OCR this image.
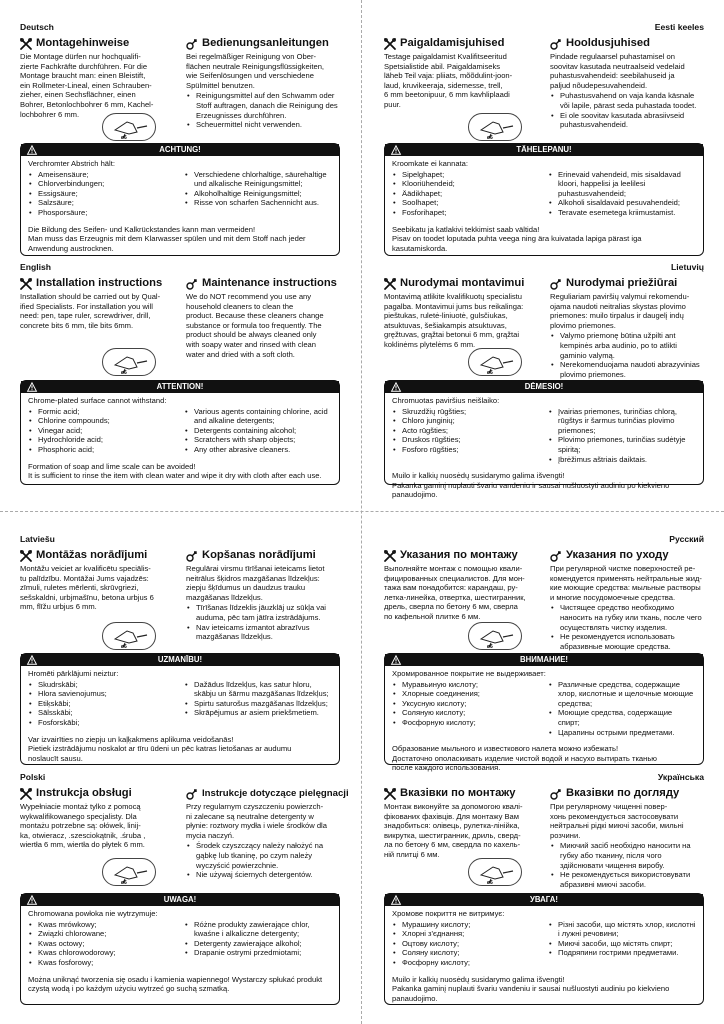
Deutsch
Montagehinweise
Die Montage dürfen nur hochqualifi-
zierte Fachkräfte durchführen. Für die
Montage braucht man: einen Bleistift,
ein Rollmeter-Lineal, einen Schrauben-
zieher, einen Sechsflächner, einen
Bohrer, Betonlochbohrer 6 mm, Kachel-
lochbohrer 6 mm.
ø6
Bedienungsanleitungen
Bei regelmäßiger Reinigung von Ober-
flächen neutrale Reinigungsflüssigkeiten,
wie Seifenlösungen und verschiedene
Spülmittel benutzen.
• Reinigungsmittel auf den Schwamm oder Stoff auftragen, danach die Reinigung des Erzeugnisses durchführen.
• Scheuermittel nicht verwenden.
ACHTUNG!
Verchromter Abstrich hält:
• Ameisensäure;
• Chlorverbindungen;
• Essigsäure;
• Salzsäure;
• Phosporsäure;
• Verschiedene chlorhaltige, säurehaltige und alkalische Reinigungsmittel;
• Alkoholhaltige Reinigungsmittel;
• Risse von scharfen Sachennicht aus.
Die Bildung des Seifen- und Kalkrückstandes kann man vermeiden!
Man muss das Erzeugnis mit dem Klarwasser spülen und mit dem Stoff nach jeder
Anwendung austrocknen.
Eesti keeles
Paigaldamisjuhised
Testage paigaldamist Kvalifitseeritud
Spetsialistide abil. Paigaldamiseks
läheb Teil vaja: pliiats, mõõdulint-joon-
laud, kruvikeeraja, sidemesse, trell,
6 mm beetonipuur, 6 mm kavhliplaadi
puur.
ø6
Hooldusjuhised
Pindade regulaarsel puhastamisel on
soovitav kasutada neutraalseid vedelaid
puhastusvahendeid: seebilahuseid ja
paljud nõudepesuvahendeid.
• Puhastusvahend on vaja kanda käsnale või lapile, pärast seda puhastada toodet.
• Ei ole soovitav kasutada abrasiivseid puhastusvahendeid.
TÄHELEPANU!
Kroomkate ei kannata:
• Sipelghapet;
• Klooriühendeid;
• Äädikhapet;
• Soolhapet;
• Fosforihapet;
• Erinevaid vahendeid, mis sisaldavad kloori, happelisi ja leelilesi puhastusvahendeid;
• Alkoholi sisaldavaid pesuvahendeid;
• Teravate esemetega kriimustamist.
Seebikatu ja katlakivi tekkimist saab vältida!
Pisav on toodet loputada puhta veega ning ära kuivatada lapiga pärast iga
kasutamiskorda.
English
Installation instructions
Installation should be carried out by Qual-
ified Specialists. For installation you will
need: pen, tape ruler, screwdriver, drill,
concrete bits 6 mm, tile bits 6mm.
ø6
Maintenance instructions
We do NOT recommend you use any
household cleaners to clean the
product. Because these cleaners change
substance or formula too frequently. The
product should be always cleaned only
with soapy water and rinsed with clean
water and dried with a soft cloth.
ATTENTION!
Chrome-plated surface cannot withstand:
• Formic acid;
• Chlorine compounds;
• Vinegar acid;
• Hydrochloride acid;
• Phosphoric acid;
• Various agents containing chlorine, acid and alkaline detergents;
• Detergents containing alcohol;
• Scratchers with sharp objects;
• Any other abrasive cleaners.
Formation of soap and lime scale can be avoided!
It is sufficient to rinse the item with clean water and wipe it dry with cloth after each use.
Lietuvių
Nurodymai montavimui
Montavimą atlikite kvalifikuotų specialistu
pagalba. Montavimui jums bus reikalinga:
pieštukas, ruletė-liniuotė, gulsčiukas,
atsuktuvas, šešiakampis atsuktuvas,
gręžtuvas, grąžtai betonui 6 mm, grąžtai
koklinėms plytelėms 6 mm.
ø6
Nurodymai priežiūrai
Reguliariam paviršių valymui rekomendu-
ojama naudoti neitralias skystas plovimo
priemones: muilo tirpalus ir daugelį indų
plovimo priemones.
• Valymo priemonę būtina užpilti ant kempinės arba audinio, po to atlikti gaminio valymą.
• Nerekomenduojama naudoti abrazyvinias plovimo priemones.
DĖMESIO!
Chromuotas paviršius neišlaiko:
• Skruzdžių rūgšties;
• Chloro junginių;
• Acto rūgšties;
• Druskos rūgšties;
• Fosforo rūgšties;
• Įvairias priemones, turinčias chlorą, rūgštys ir šarmus turinčias plovimo priemones;
• Plovimo priemones, turinčias sudėtyje spiritą;
• Įbrėžimus aštriais daiktais.
Muilo ir kalkių nuosėdų susidarymo galima išvengti!
Pakanka gaminį nuplauti švariu vandeniu ir sausai nušluostyti audiniu po kiekvieno
panaudojimo.
Latviešu
Montāžas norādījumi
Montāžu veiciet ar kvalificētu speciālis-
tu palīdzību. Montāžai Jums vajadzēs:
zīmuli, ruletes mērlenti, skrūvgriezi,
sešskaldni, urbjmašīnu, betona urbjus 6
mm, flīžu urbjus 6 mm.
ø6
Kopšanas norādījumi
Regulārai virsmu tīrīšanai ieteicams lietot
neitrālus šķidros mazgāšanas līdzekļus:
ziepju šķīdumus un daudzus trauku
mazgāšanas līdzekļus.
• Tīrīšanas līdzeklis jāuzklāj uz sūkļa vai auduma, pēc tam jātīra izstrādājums.
• Nav ieteicams izmantot abrazīvus mazgāšanas līdzekļus.
UZMANĪBU!
Hromēti pārklājumi neiztur:
• Skudrskābi;
• Hlora savienojumus;
• Etiķskābi;
• Sālsskābi;
• Fosforskābi;
• Dažādus līdzekļus, kas satur hloru, skābju un šārmu mazgāšanas līdzekļus;
• Spirtu saturošus mazgāšanas līdzekļus;
• Skrāpējumus ar asiem priekšmetiem.
Var izvairīties no ziepju un kaļķakmens aplikuma veidošanās!
Pietiek izstrādājumu noskalot ar tīru ūdeni un pēc katras lietošanas ar audumu
noslaucīt sausu.
Русский
Указания по монтажу
Выполняйте монтаж с помощью квали-
фицированных специалистов. Для мон-
тажа вам понадобится: карандаш, ру-
летка-линейка, отвертка, шестигранник,
дрель, сверла по бетону 6 мм, сверла
по кафельной плитке 6 мм.
ø6
Указания по уходу
При регулярной чистке поверхностей ре-
комендуется применять нейтральные жид-
кие моющие средства: мыльные растворы
и многие посудомоечные средства.
• Чистящее средство необходимо наносить на губку или ткань, после чего осуществлять чистку изделия.
• Не рекомендуется использовать абразивные моющие средства.
ВНИМАНИЕ!
Хромированное покрытие не выдерживает:
• Муравьиную кислоту;
• Хлорные соединения;
• Уксусную кислоту;
• Соляную кислоту;
• Фосфорную кислоту;
• Различные средства, содержащие хлор, кислотные и щелочные моющие средства;
• Моющие средства, содержащие спирт;
• Царапины острыми предметами.
Образование мыльного и известкового налета можно избежать!
Достаточно ополаскивать изделие чистой водой и насухо вытирать тканью
после каждого использования.
Polski
Instrukcja obsługi
Wypełniacie montaż tylko z pomocą
wykwalifikowanego specjalisty. Dla
montażu potrzebne są: ołówek, linij-
ka, otwieracz, .szesciokątnik, .śruba ,
wiertła 6 mm, wiertła do płytek 6 mm.
ø6
Instrukcje dotyczące pielęgnacji
Przy regularnym czyszczeniu powierzch-
ni zalecane są neutralne detergenty w
płynie: roztwory mydła i wiele środków dla
mycia naczyń.
• Środek czyszczący należy nałożyć na gąbkę lub tkaninę, po czym należy wyczyścić powierzchnie.
• Nie używaj ściernych detergentów.
UWAGA!
Chromowana powłoka nie wytrzymuje:
• Kwas mrówkowy;
• Związki chlorowane;
• Kwas octowy;
• Kwas chlorowodorowy;
• Kwas fosforowy;
• Różne produkty zawierające chlor, kwaśne i alkaliczne detergenty;
• Detergenty zawierające alkohol;
• Drapanie ostrymi przedmiotami;
Można uniknąć tworzenia się osadu i kamienia wapiennego! Wystarczy spłukać produkt
czystą wodą i po każdym użyciu wytrzeć go suchą szmatką.
Українська
Вказівки по монтажу
Монтаж виконуйте за допомогою квалі-
фікованих фахівців. Для монтажу Вам
знадобиться: олівець, рулетка-лінійка,
викрутка, шестигранник, дриль, сверд-
ла по бетону 6 мм, свердла по кахель-
ній плитці 6 мм.
ø6
Вказівки по догляду
При регулярному чищенні повер-
хонь рекомендується застосовувати
нейтральні рідкі миючі засоби, мильні
розчини.
• Миючий засіб необхідно наносити на губку або тканину, після чого здійснювати чищення виробу.
• Не рекомендується використовувати абразивні миючі засоби.
УВАГА!
Хромове покриття не витримує:
• Мурашину кислоту;
• Хлорні з'єднання;
• Оцтову кислоту;
• Соляну кислоту;
• Фосфорну кислоту;
• Різні засоби, що містять хлор, кислотні і лужні речовини;
• Миючі засоби, що містять спирт;
• Подряпини гострими предметами.
Muilo ir kalkių nuosėdų susidarymo galima išvengti!
Pakanka gaminį nuplauti švariu vandeniu ir sausai nušluostyti audiniu po kiekvieno
panaudojimo.
